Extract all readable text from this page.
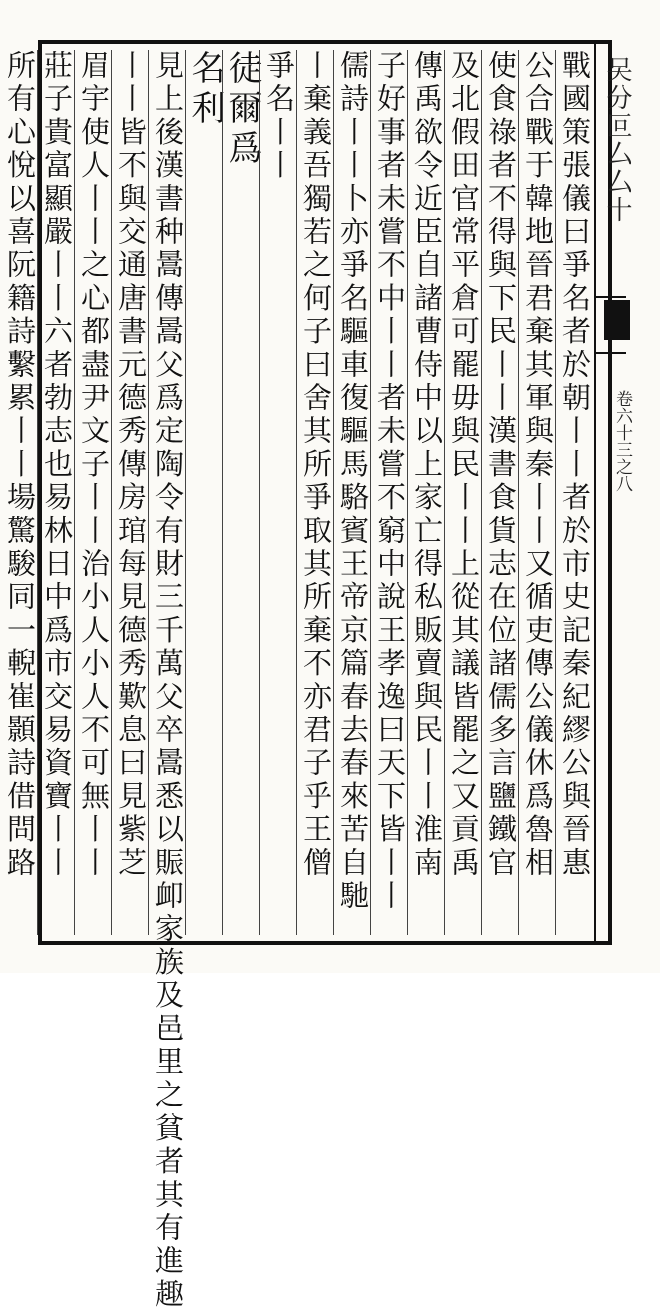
㕦分叵厶厶十
卷六十三之八
戰國策張儀曰爭名者於朝丨丨者於市史記秦紀繆公與晉惠
公合戰于韓地晉君棄其軍與秦丨丨又循吏傳公儀休爲魯相
使食祿者不得與下民丨丨漢書食貨志在位諸儒多言鹽鐵官
及北假田官常平倉可罷毋與民丨丨上從其議皆罷之又貢禹
傳禹欲令近臣自諸曹侍中以上家亡得私販賣與民丨丨淮南
子好事者未嘗不中丨丨者未嘗不窮中說王孝逸曰天下皆丨丨
儒詩丨丨卜亦爭名驅車復驅馬駱賓王帝京篇春去春來苦自馳
丨棄義吾獨若之何子曰舍其所爭取其所棄不亦君子乎王僧
爭名丨丨
徒爾爲
名利
見上後漢書种暠傳暠父爲定陶令有財三千萬父卒暠悉以賑卹家族及邑里之貧者其有進趣
丨丨皆不與交通唐書元德秀傳房琯每見德秀歎息曰見紫芝
眉宇使人丨丨之心都盡尹文子丨丨治小人小人不可無丨丨
莊子貴富顯嚴丨丨六者勃志也易林日中爲市交易資寶丨丨
所有心悅以喜阮籍詩繫累丨丨場驚駿同一輗崔顥詩借問路
